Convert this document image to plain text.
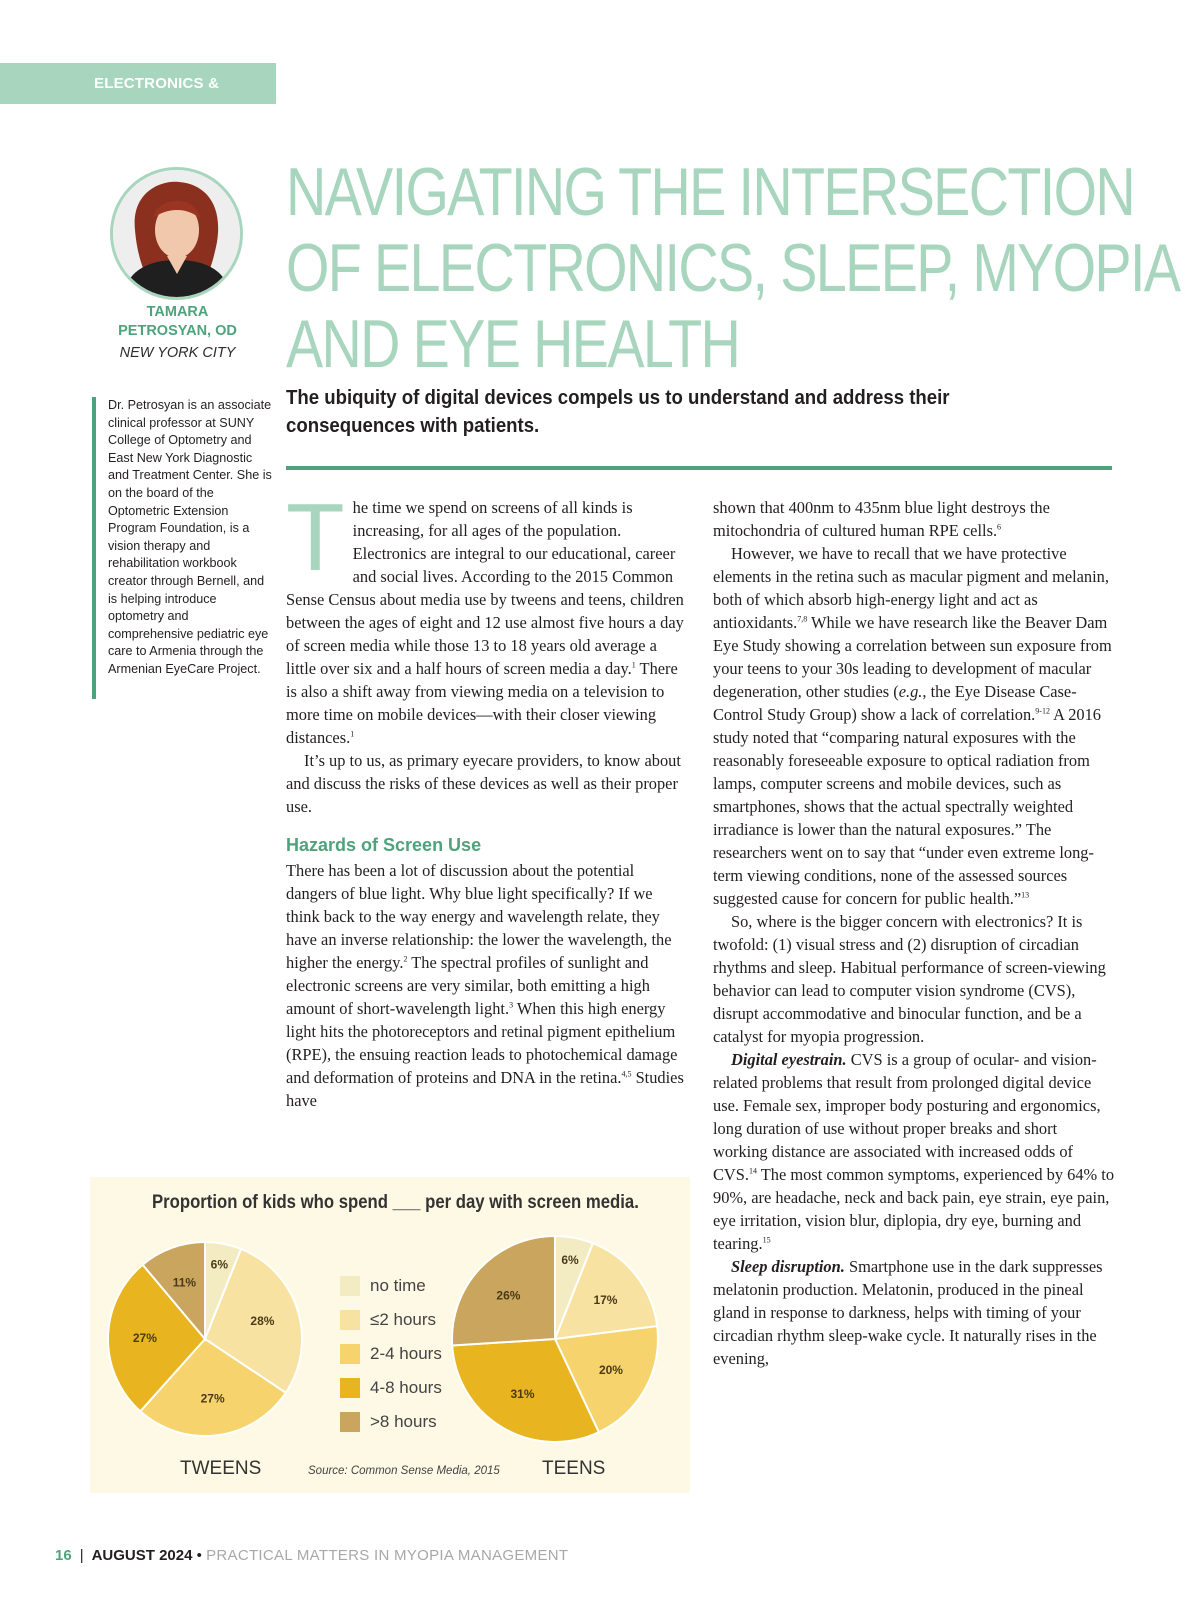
ELECTRONICS & MYOPIA
TAMARA
PETROSYAN, OD
NEW YORK CITY
Dr. Petrosyan is an associate clinical professor at SUNY College of Optometry and East New York Diagnostic and Treatment Center. She is on the board of the Optometric Extension Program Foundation, is a vision therapy and rehabilitation workbook creator through Bernell, and is helping introduce optometry and comprehensive pediatric eye care to Armenia through the Armenian EyeCare Project.
NAVIGATING THE INTERSECTION
OF ELECTRONICS, SLEEP, MYOPIA
AND EYE HEALTH

The ubiquity of digital devices compels us to understand and address their consequences with patients.

The time we spend on screens of all kinds is increasing, for all ages of the population. Electronics are integral to our educational, career and social lives. According to the 2015 Common Sense Census about media use by tweens and teens, children between the ages of eight and 12 use almost five hours a day of screen media while those 13 to 18 years old average a little over six and a half hours of screen media a day.$^1$ There is also a shift away from viewing media on a television to more time on mobile devices—with their closer viewing distances.$^1$

It’s up to us, as primary eyecare providers, to know about and discuss the risks of these devices as well as their proper use.

Hazards of Screen Use

There has been a lot of discussion about the potential dangers of blue light. Why blue light specifically? If we think back to the way energy and wavelength relate, they have an inverse relationship: the lower the wavelength, the higher the energy.$^2$ The spectral profiles of sunlight and electronic screens are very similar, both emitting a high amount of short-wavelength light.$^3$ When this high energy light hits the photoreceptors and retinal pigment epithelium (RPE), the ensuing reaction leads to photochemical damage and deformation of proteins and DNA in the retina.$^{4,5}$ Studies have

shown that 400nm to 435nm blue light destroys the mitochondria of cultured human RPE cells.$^6$

However, we have to recall that we have protective elements in the retina such as macular pigment and melanin, both of which absorb high-energy light and act as antioxidants.$^{7,8}$ While we have research like the Beaver Dam Eye Study showing a correlation between sun exposure from your teens to your 30s leading to development of macular degeneration, other studies (e.g., the Eye Disease Case-Control Study Group) show a lack of correlation.$^{9-12}$ A 2016 study noted that “comparing natural exposures with the reasonably foreseeable exposure to optical radiation from lamps, computer screens and mobile devices, such as smartphones, shows that the actual spectrally weighted irradiance is lower than the natural exposures.” The researchers went on to say that “under even extreme long-term viewing conditions, none of the assessed sources suggested cause for concern for public health.”$^{13}$

So, where is the bigger concern with electronics? It is twofold: (1) visual stress and (2) disruption of circadian rhythms and sleep. Habitual performance of screen-viewing behavior can lead to computer vision syndrome (CVS), disrupt accommodative and binocular function, and be a catalyst for myopia progression.

Digital eyestrain. CVS is a group of ocular- and vision-related problems that result from prolonged digital device use. Female sex, improper body posturing and ergonomics, long duration of use without proper breaks and short working distance are associated with increased odds of CVS.$^{14}$ The most common symptoms, experienced by 64% to 90%, are headache, neck and back pain, eye strain, eye pain, eye irritation, vision blur, diplopia, dry eye, burning and tearing.$^{15}$

Sleep disruption. Smartphone use in the dark suppresses melatonin production. Melatonin, produced in the pineal gland in response to darkness, helps with timing of your circadian rhythm sleep-wake cycle. It naturally rises in the evening,

Proportion of kids who spend ___ per day with screen media.
6%
28%
27%
27%
11%
6%
17%
20%
31%
26%
no time
≤2 hours
2-4 hours
4-8 hours
>8 hours
TWEENS	TEENS
Source: Common Sense Media, 2015
16 | AUGUST 2024 • PRACTICAL MATTERS IN MYOPIA MANAGEMENT
